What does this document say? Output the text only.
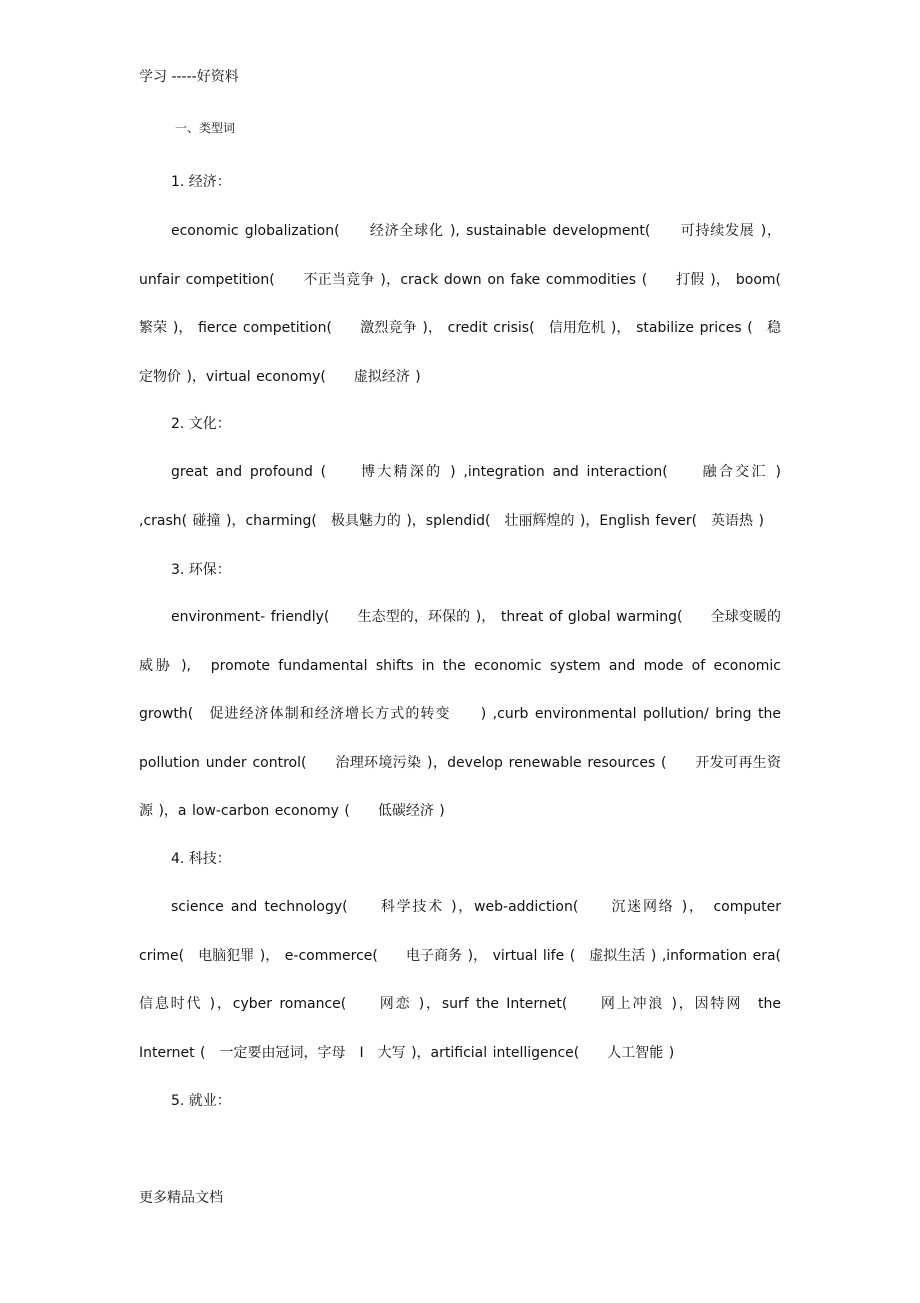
学习 -----好资料
一、类型词
1. 经济：
economic globalization(　　经济全球化 ), sustainable development(　　可持续发展 )，unfair competition(　　不正当竞争 )，crack down on fake commodities (　　打假 )， boom( 繁荣 )， fierce competition(　　激烈竞争 )， credit crisis(　信用危机 )， stabilize prices (　稳定物价 )，virtual economy(　　虚拟经济 )
2. 文化：
great and profound (　　博大精深的 ) ,integration and interaction(　　融合交汇 ) ,crash( 碰撞 )，charming(　极具魅力的 )，splendid(　壮丽辉煌的 )，English fever(　英语热 )
3. 环保：
environment- friendly(　　生态型的，环保的 )， threat of global warming(　　全球变暖的威胁 ),　promote fundamental shifts in the economic system and mode of economic growth(　促进经济体制和经济增长方式的转变　　) ,curb environmental pollution/ bring the pollution under control(　　治理环境污染 )，develop renewable resources (　　开发可再生资源 )，a low-carbon economy (　　低碳经济 )
4. 科技：
science and technology(　　科学技术 )，web-addiction(　　沉迷网络 )，　computer crime(　电脑犯罪 )， e-commerce(　　电子商务 )， virtual life (　虚拟生活 ) ,information era(　　信息时代 )，cyber romance(　　网恋 )，surf the Internet(　　网上冲浪 )，因特网　the Internet (　一定要由冠词，字母　I　大写 )，artificial intelligence(　　人工智能 )
5. 就业：
更多精品文档
